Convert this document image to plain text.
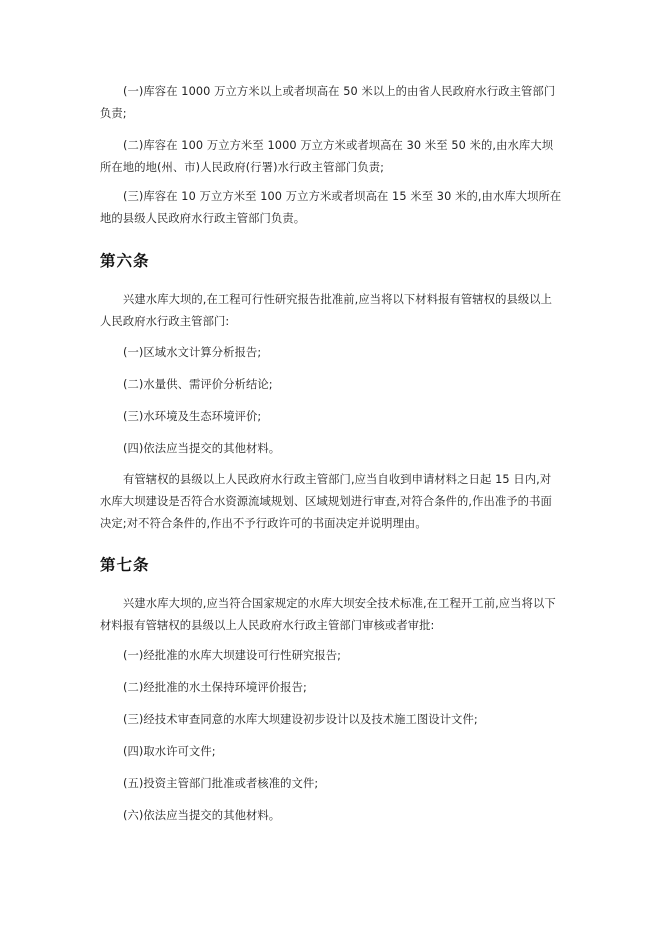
(一)库容在 1000 万立方米以上或者坝高在 50 米以上的由省人民政府水行政主管部门负责;

(二)库容在 100 万立方米至 1000 万立方米或者坝高在 30 米至 50 米的,由水库大坝所在地的地(州、市)人民政府(行署)水行政主管部门负责;

(三)库容在 10 万立方米至 100 万立方米或者坝高在 15 米至 30 米的,由水库大坝所在地的县级人民政府水行政主管部门负责。

第六条

兴建水库大坝的,在工程可行性研究报告批准前,应当将以下材料报有管辖权的县级以上人民政府水行政主管部门:

(一)区域水文计算分析报告;

(二)水量供、需评价分析结论;

(三)水环境及生态环境评价;

(四)依法应当提交的其他材料。

有管辖权的县级以上人民政府水行政主管部门,应当自收到申请材料之日起 15 日内,对水库大坝建设是否符合水资源流域规划、区域规划进行审查,对符合条件的,作出准予的书面决定;对不符合条件的,作出不予行政许可的书面决定并说明理由。

第七条

兴建水库大坝的,应当符合国家规定的水库大坝安全技术标准,在工程开工前,应当将以下材料报有管辖权的县级以上人民政府水行政主管部门审核或者审批:

(一)经批准的水库大坝建设可行性研究报告;

(二)经批准的水土保持环境评价报告;

(三)经技术审查同意的水库大坝建设初步设计以及技术施工图设计文件;

(四)取水许可文件;

(五)投资主管部门批准或者核准的文件;

(六)依法应当提交的其他材料。
